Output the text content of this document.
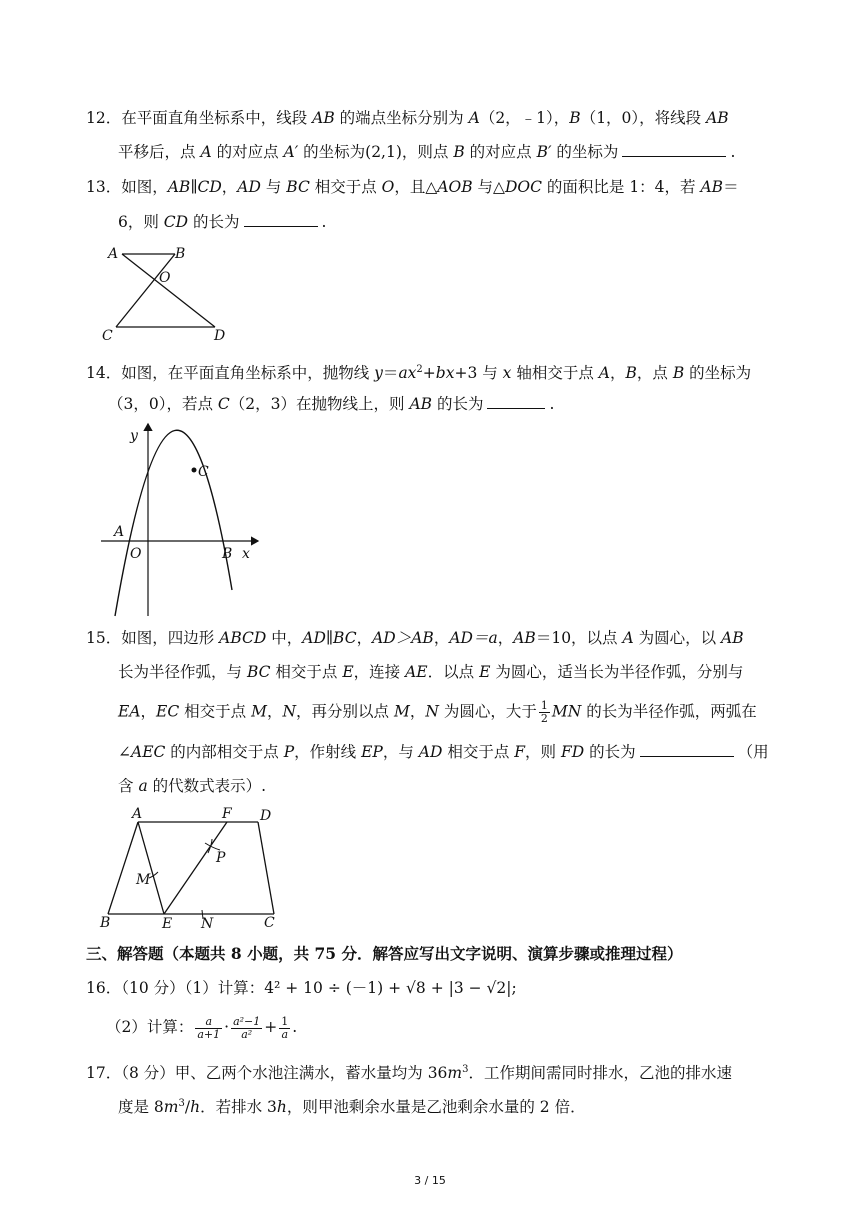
12．在平面直角坐标系中，线段 AB 的端点坐标分别为 A（2，﹣1），B（1，0），将线段 AB
平移后，点 A 的对应点 A′ 的坐标为(2,1)，则点 B 的对应点 B′ 的坐标为	.
13．如图，AB∥CD，AD 与 BC 相交于点 O，且△AOB 与△DOC 的面积比是 1：4，若 AB＝
6，则 CD 的长为	.
A	B
O
C	D
14．如图，在平面直角坐标系中，抛物线 $y=ax^2+bx+3$ 与 x 轴相交于点 A，B，点 B 的坐标为
（3，0），若点 C（2，3）在抛物线上，则 AB 的长为	.
y
C
A
O	B x
15．如图，四边形 ABCD 中，AD∥BC，AD＞AB，AD＝a，AB＝10，以点 A 为圆心，以 AB
长为半径作弧，与 BC 相交于点 E，连接 AE．以点 E 为圆心，适当长为半径作弧，分别与
EA，EC 相交于点 M，N，再分别以点 M，N 为圆心，大于 $\frac{1}{2}$ MN 的长为半径作弧，两弧在
∠AEC 的内部相交于点 P，作射线 EP，与 AD 相交于点 F，则 FD 的长为	（用
含 a 的代数式表示）.
A	F D
P
M
B	E N	C
三、解答题（本题共 8 小题，共 75 分．解答应写出文字说明、演算步骤或推理过程）
16．（10 分）（1）计算：4² + 10 ÷ (－1) + √8 + |3 − √2|;
（2）计算： $\frac{a}{a+1} \cdot \frac{\text{a²−1}}{\text{a²}} + \frac{1}{a}$ .
17．（8 分）甲、乙两个水池注满水，蓄水量均为 $36m^3$．工作期间需同时排水，乙池的排水速
度是 $8m^3/h$．若排水 3h，则甲池剩余水量是乙池剩余水量的 2 倍．
3 / 15
